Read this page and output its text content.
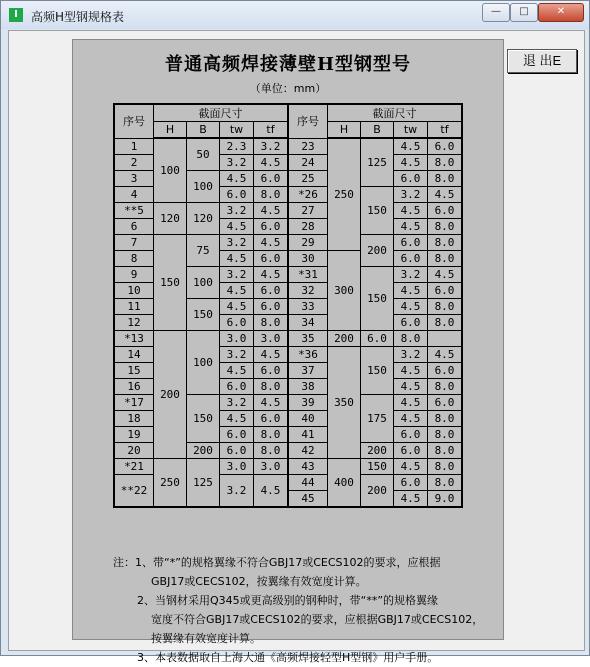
I	高频H型钢规格表	—	□	✕
普通高频焊接薄壁H型钢型号
（单位：mm）
序号	截面尺寸				序号	截面尺寸			
	H	B	tw	tf		H	B	tw	tf
1	100	50	2.3	3.2	23	250	125	4.5	6.0
2			3.2	4.5	24			4.5	8.0
3		100	4.5	6.0	25			6.0	8.0
4			6.0	8.0	*26		150	3.2	4.5
**5	120	120	3.2	4.5	27			4.5	6.0
6			4.5	6.0	28			4.5	8.0
7	150	75	3.2	4.5	29		200	6.0	8.0
8			4.5	6.0	30	300		6.0	8.0
9		100	3.2	4.5	*31		150	3.2	4.5
10			4.5	6.0	32			4.5	6.0
11		150	4.5	6.0	33			4.5	8.0
12			6.0	8.0	34			6.0	8.0
*13	200	100	3.0	3.0	35	200	6.0	8.0	
14			3.2	4.5	*36	350	150	3.2	4.5
15			4.5	6.0	37			4.5	6.0
16			6.0	8.0	38			4.5	8.0
*17		150	3.2	4.5	39		175	4.5	6.0
18			4.5	6.0	40			4.5	8.0
19			6.0	8.0	41			6.0	8.0
20		200	6.0	8.0	42		200	6.0	8.0
*21	250	125	3.0	3.0	43	400	150	4.5	8.0
**22			3.2	4.5	44		200	6.0	8.0
					45			4.5	9.0
注：1、带“*”的规格翼缘不符合GBJ17或CECS102的要求，应根据
GBJ17或CECS102，按翼缘有效宽度计算。
2、当钢材采用Q345或更高级别的钢种时，带“**”的规格翼缘
宽度不符合GBJ17或CECS102的要求，应根据GBJ17或CECS102，
按翼缘有效宽度计算。
3、本表数据取自上海大通《高频焊接轻型H型钢》用户手册。
退 出E
